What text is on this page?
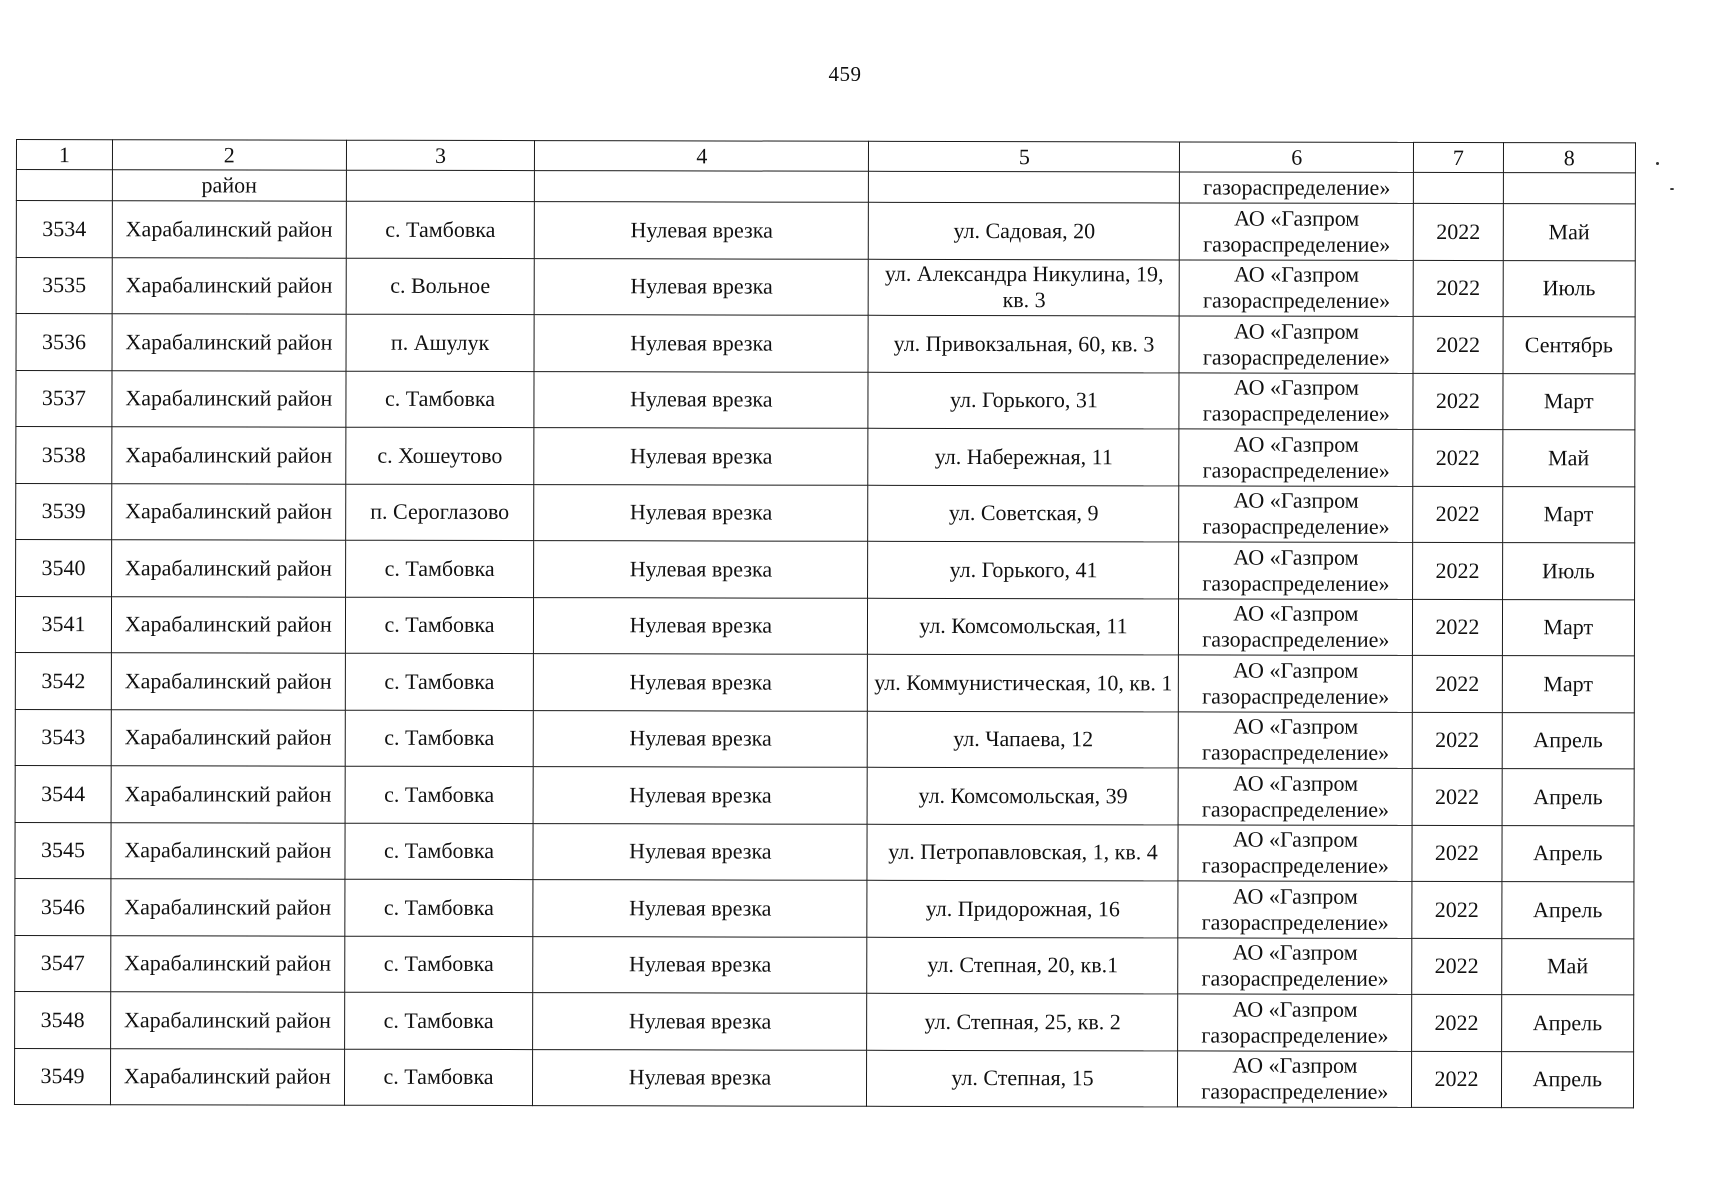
459
1	2	3	4	5	6	7	8
	район				газораспределение»		
3534	Харабалинский район	с. Тамбовка	Нулевая врезка	ул. Садовая, 20	АО «Газпром газораспределение»	2022	Май
3535	Харабалинский район	с. Вольное	Нулевая врезка	ул. Александра Никулина, 19, кв. 3	АО «Газпром газораспределение»	2022	Июль
3536	Харабалинский район	п. Ашулук	Нулевая врезка	ул. Привокзальная, 60, кв. 3	АО «Газпром газораспределение»	2022	Сентябрь
3537	Харабалинский район	с. Тамбовка	Нулевая врезка	ул. Горького, 31	АО «Газпром газораспределение»	2022	Март
3538	Харабалинский район	с. Хошеутово	Нулевая врезка	ул. Набережная, 11	АО «Газпром газораспределение»	2022	Май
3539	Харабалинский район	п. Сероглазово	Нулевая врезка	ул. Советская, 9	АО «Газпром газораспределение»	2022	Март
3540	Харабалинский район	с. Тамбовка	Нулевая врезка	ул. Горького, 41	АО «Газпром газораспределение»	2022	Июль
3541	Харабалинский район	с. Тамбовка	Нулевая врезка	ул. Комсомольская, 11	АО «Газпром газораспределение»	2022	Март
3542	Харабалинский район	с. Тамбовка	Нулевая врезка	ул. Коммунистическая, 10, кв. 1	АО «Газпром газораспределение»	2022	Март
3543	Харабалинский район	с. Тамбовка	Нулевая врезка	ул. Чапаева, 12	АО «Газпром газораспределение»	2022	Апрель
3544	Харабалинский район	с. Тамбовка	Нулевая врезка	ул. Комсомольская, 39	АО «Газпром газораспределение»	2022	Апрель
3545	Харабалинский район	с. Тамбовка	Нулевая врезка	ул. Петропавловская, 1, кв. 4	АО «Газпром газораспределение»	2022	Апрель
3546	Харабалинский район	с. Тамбовка	Нулевая врезка	ул. Придорожная, 16	АО «Газпром газораспределение»	2022	Апрель
3547	Харабалинский район	с. Тамбовка	Нулевая врезка	ул. Степная, 20, кв.1	АО «Газпром газораспределение»	2022	Май
3548	Харабалинский район	с. Тамбовка	Нулевая врезка	ул. Степная, 25, кв. 2	АО «Газпром газораспределение»	2022	Апрель
3549	Харабалинский район	с. Тамбовка	Нулевая врезка	ул. Степная, 15	АО «Газпром газораспределение»	2022	Апрель
